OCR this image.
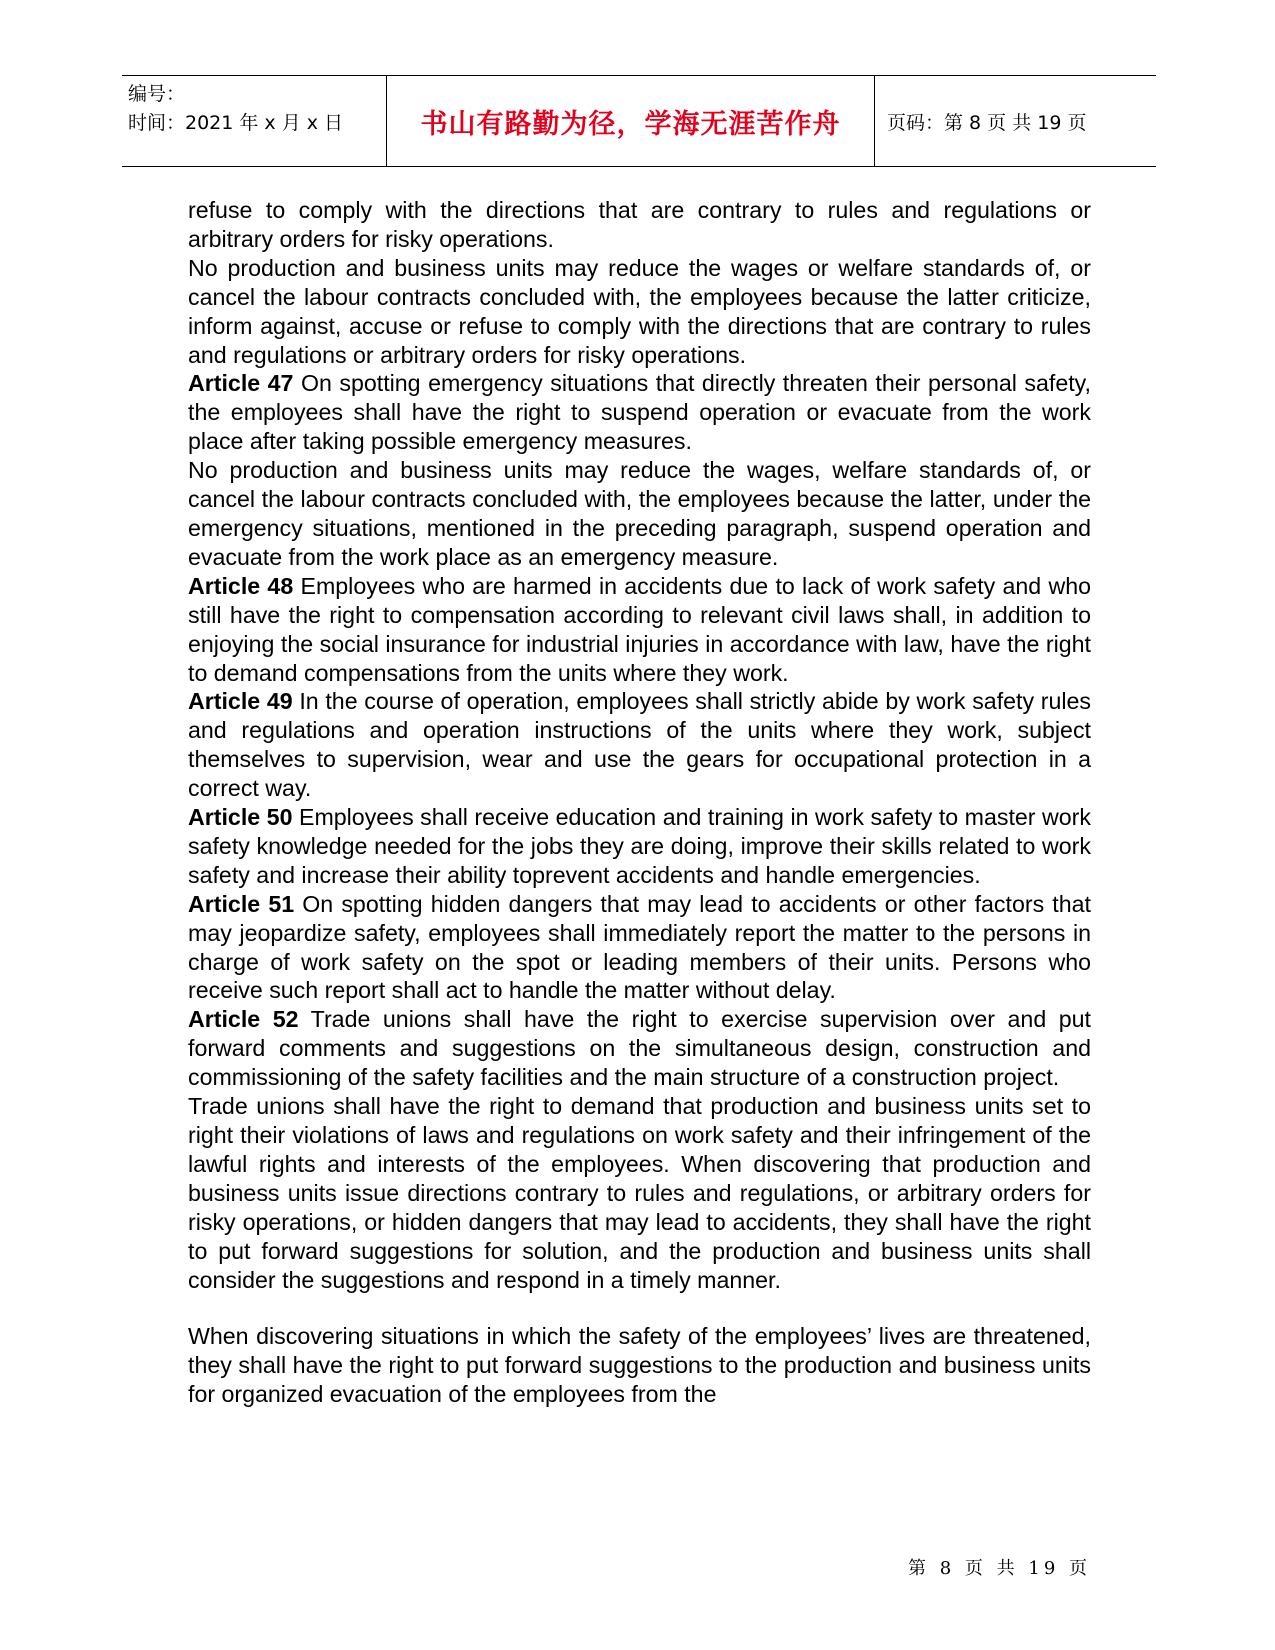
编号：
时间：2021 年 x 月 x 日	书山有路勤为径，学海无涯苦作舟	页码：第 8 页 共 19 页

refuse to comply with the directions that are contrary to rules and regulations or arbitrary orders for risky operations.

No production and business units may reduce the wages or welfare standards of, or cancel the labour contracts concluded with, the employees because the latter criticize, inform against, accuse or refuse to comply with the directions that are contrary to rules and regulations or arbitrary orders for risky operations.

Article 47 On spotting emergency situations that directly threaten their personal safety, the employees shall have the right to suspend operation or evacuate from the work place after taking possible emergency measures.

No production and business units may reduce the wages, welfare standards of, or cancel the labour contracts concluded with, the employees because the latter, under the emergency situations, mentioned in the preceding paragraph, suspend operation and evacuate from the work place as an emergency measure.

Article 48 Employees who are harmed in accidents due to lack of work safety and who still have the right to compensation according to relevant civil laws shall, in addition to enjoying the social insurance for industrial injuries in accordance with law, have the right to demand compensations from the units where they work.

Article 49 In the course of operation, employees shall strictly abide by work safety rules and regulations and operation instructions of the units where they work, subject themselves to supervision, wear and use the gears for occupational protection in a correct way.

Article 50 Employees shall receive education and training in work safety to master work safety knowledge needed for the jobs they are doing, improve their skills related to work safety and increase their ability toprevent accidents and handle emergencies.

Article 51 On spotting hidden dangers that may lead to accidents or other factors that may jeopardize safety, employees shall immediately report the matter to the persons in charge of work safety on the spot or leading members of their units. Persons who receive such report shall act to handle the matter without delay.

Article 52 Trade unions shall have the right to exercise supervision over and put forward comments and suggestions on the simultaneous design, construction and commissioning of the safety facilities and the main structure of a construction project.

Trade unions shall have the right to demand that production and business units set to right their violations of laws and regulations on work safety and their infringement of the lawful rights and interests of the employees. When discovering that production and business units issue directions contrary to rules and regulations, or arbitrary orders for risky operations, or hidden dangers that may lead to accidents, they shall have the right to put forward suggestions for solution, and the production and business units shall consider the suggestions and respond in a timely manner.

When discovering situations in which the safety of the employees’ lives are threatened, they shall have the right to put forward suggestions to the production and business units for organized evacuation of the employees from the

第 8 页 共 19 页
